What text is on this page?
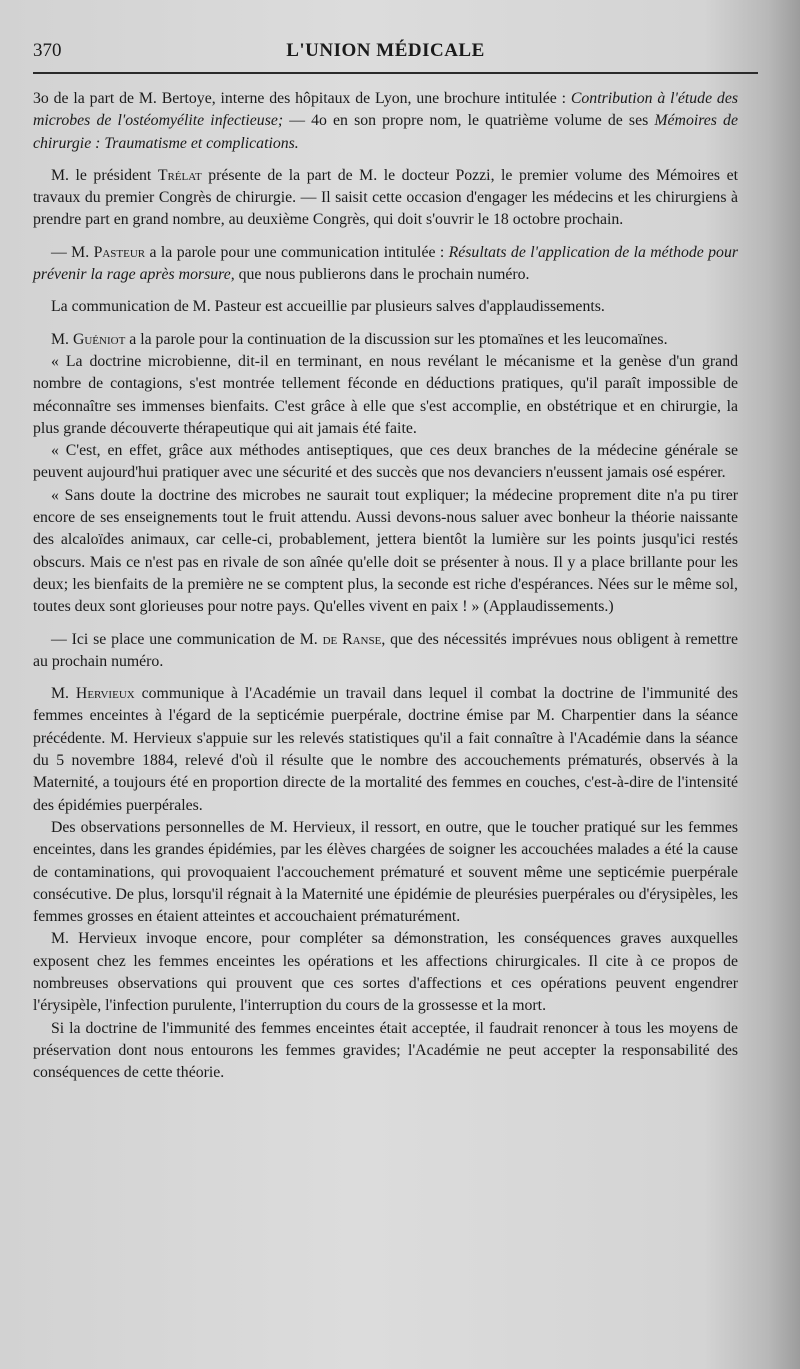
370	L'UNION MÉDICALE

3o de la part de M. Bertoye, interne des hôpitaux de Lyon, une brochure intitulée : Contribution à l'étude des microbes de l'ostéomyélite infectieuse; — 4o en son propre nom, le quatrième volume de ses Mémoires de chirurgie : Traumatisme et complications.

M. le président Trélat présente de la part de M. le docteur Pozzi, le premier volume des Mémoires et travaux du premier Congrès de chirurgie. — Il saisit cette occasion d'engager les médecins et les chirurgiens à prendre part en grand nombre, au deuxième Congrès, qui doit s'ouvrir le 18 octobre prochain.

— M. Pasteur a la parole pour une communication intitulée : Résultats de l'application de la méthode pour prévenir la rage après morsure, que nous publierons dans le prochain numéro.

La communication de M. Pasteur est accueillie par plusieurs salves d'applaudissements.

M. Guéniot a la parole pour la continuation de la discussion sur les ptomaïnes et les leucomaïnes.

« La doctrine microbienne, dit-il en terminant, en nous revélant le mécanisme et la genèse d'un grand nombre de contagions, s'est montrée tellement féconde en déductions pratiques, qu'il paraît impossible de méconnaître ses immenses bienfaits. C'est grâce à elle que s'est accomplie, en obstétrique et en chirurgie, la plus grande découverte thérapeutique qui ait jamais été faite.

« C'est, en effet, grâce aux méthodes antiseptiques, que ces deux branches de la médecine générale se peuvent aujourd'hui pratiquer avec une sécurité et des succès que nos devanciers n'eussent jamais osé espérer.

« Sans doute la doctrine des microbes ne saurait tout expliquer; la médecine proprement dite n'a pu tirer encore de ses enseignements tout le fruit attendu. Aussi devons-nous saluer avec bonheur la théorie naissante des alcaloïdes animaux, car celle-ci, probablement, jettera bientôt la lumière sur les points jusqu'ici restés obscurs. Mais ce n'est pas en rivale de son aînée qu'elle doit se présenter à nous. Il y a place brillante pour les deux; les bienfaits de la première ne se comptent plus, la seconde est riche d'espérances. Nées sur le même sol, toutes deux sont glorieuses pour notre pays. Qu'elles vivent en paix ! » (Applaudissements.)

— Ici se place une communication de M. de Ranse, que des nécessités imprévues nous obligent à remettre au prochain numéro.

M. Hervieux communique à l'Académie un travail dans lequel il combat la doctrine de l'immunité des femmes enceintes à l'égard de la septicémie puerpérale, doctrine émise par M. Charpentier dans la séance précédente. M. Hervieux s'appuie sur les relevés statistiques qu'il a fait connaître à l'Académie dans la séance du 5 novembre 1884, relevé d'où il résulte que le nombre des accouchements prématurés, observés à la Maternité, a toujours été en proportion directe de la mortalité des femmes en couches, c'est-à-dire de l'intensité des épidémies puerpérales.

Des observations personnelles de M. Hervieux, il ressort, en outre, que le toucher pratiqué sur les femmes enceintes, dans les grandes épidémies, par les élèves chargées de soigner les accouchées malades a été la cause de contaminations, qui provoquaient l'accouchement prématuré et souvent même une septicémie puerpérale consécutive. De plus, lorsqu'il régnait à la Maternité une épidémie de pleurésies puerpérales ou d'érysipèles, les femmes grosses en étaient atteintes et accouchaient prématurément.

M. Hervieux invoque encore, pour compléter sa démonstration, les conséquences graves auxquelles exposent chez les femmes enceintes les opérations et les affections chirurgicales. Il cite à ce propos de nombreuses observations qui prouvent que ces sortes d'affections et ces opérations peuvent engendrer l'érysipèle, l'infection purulente, l'interruption du cours de la grossesse et la mort.

Si la doctrine de l'immunité des femmes enceintes était acceptée, il faudrait renoncer à tous les moyens de préservation dont nous entourons les femmes gravides; l'Académie ne peut accepter la responsabilité des conséquences de cette théorie.
